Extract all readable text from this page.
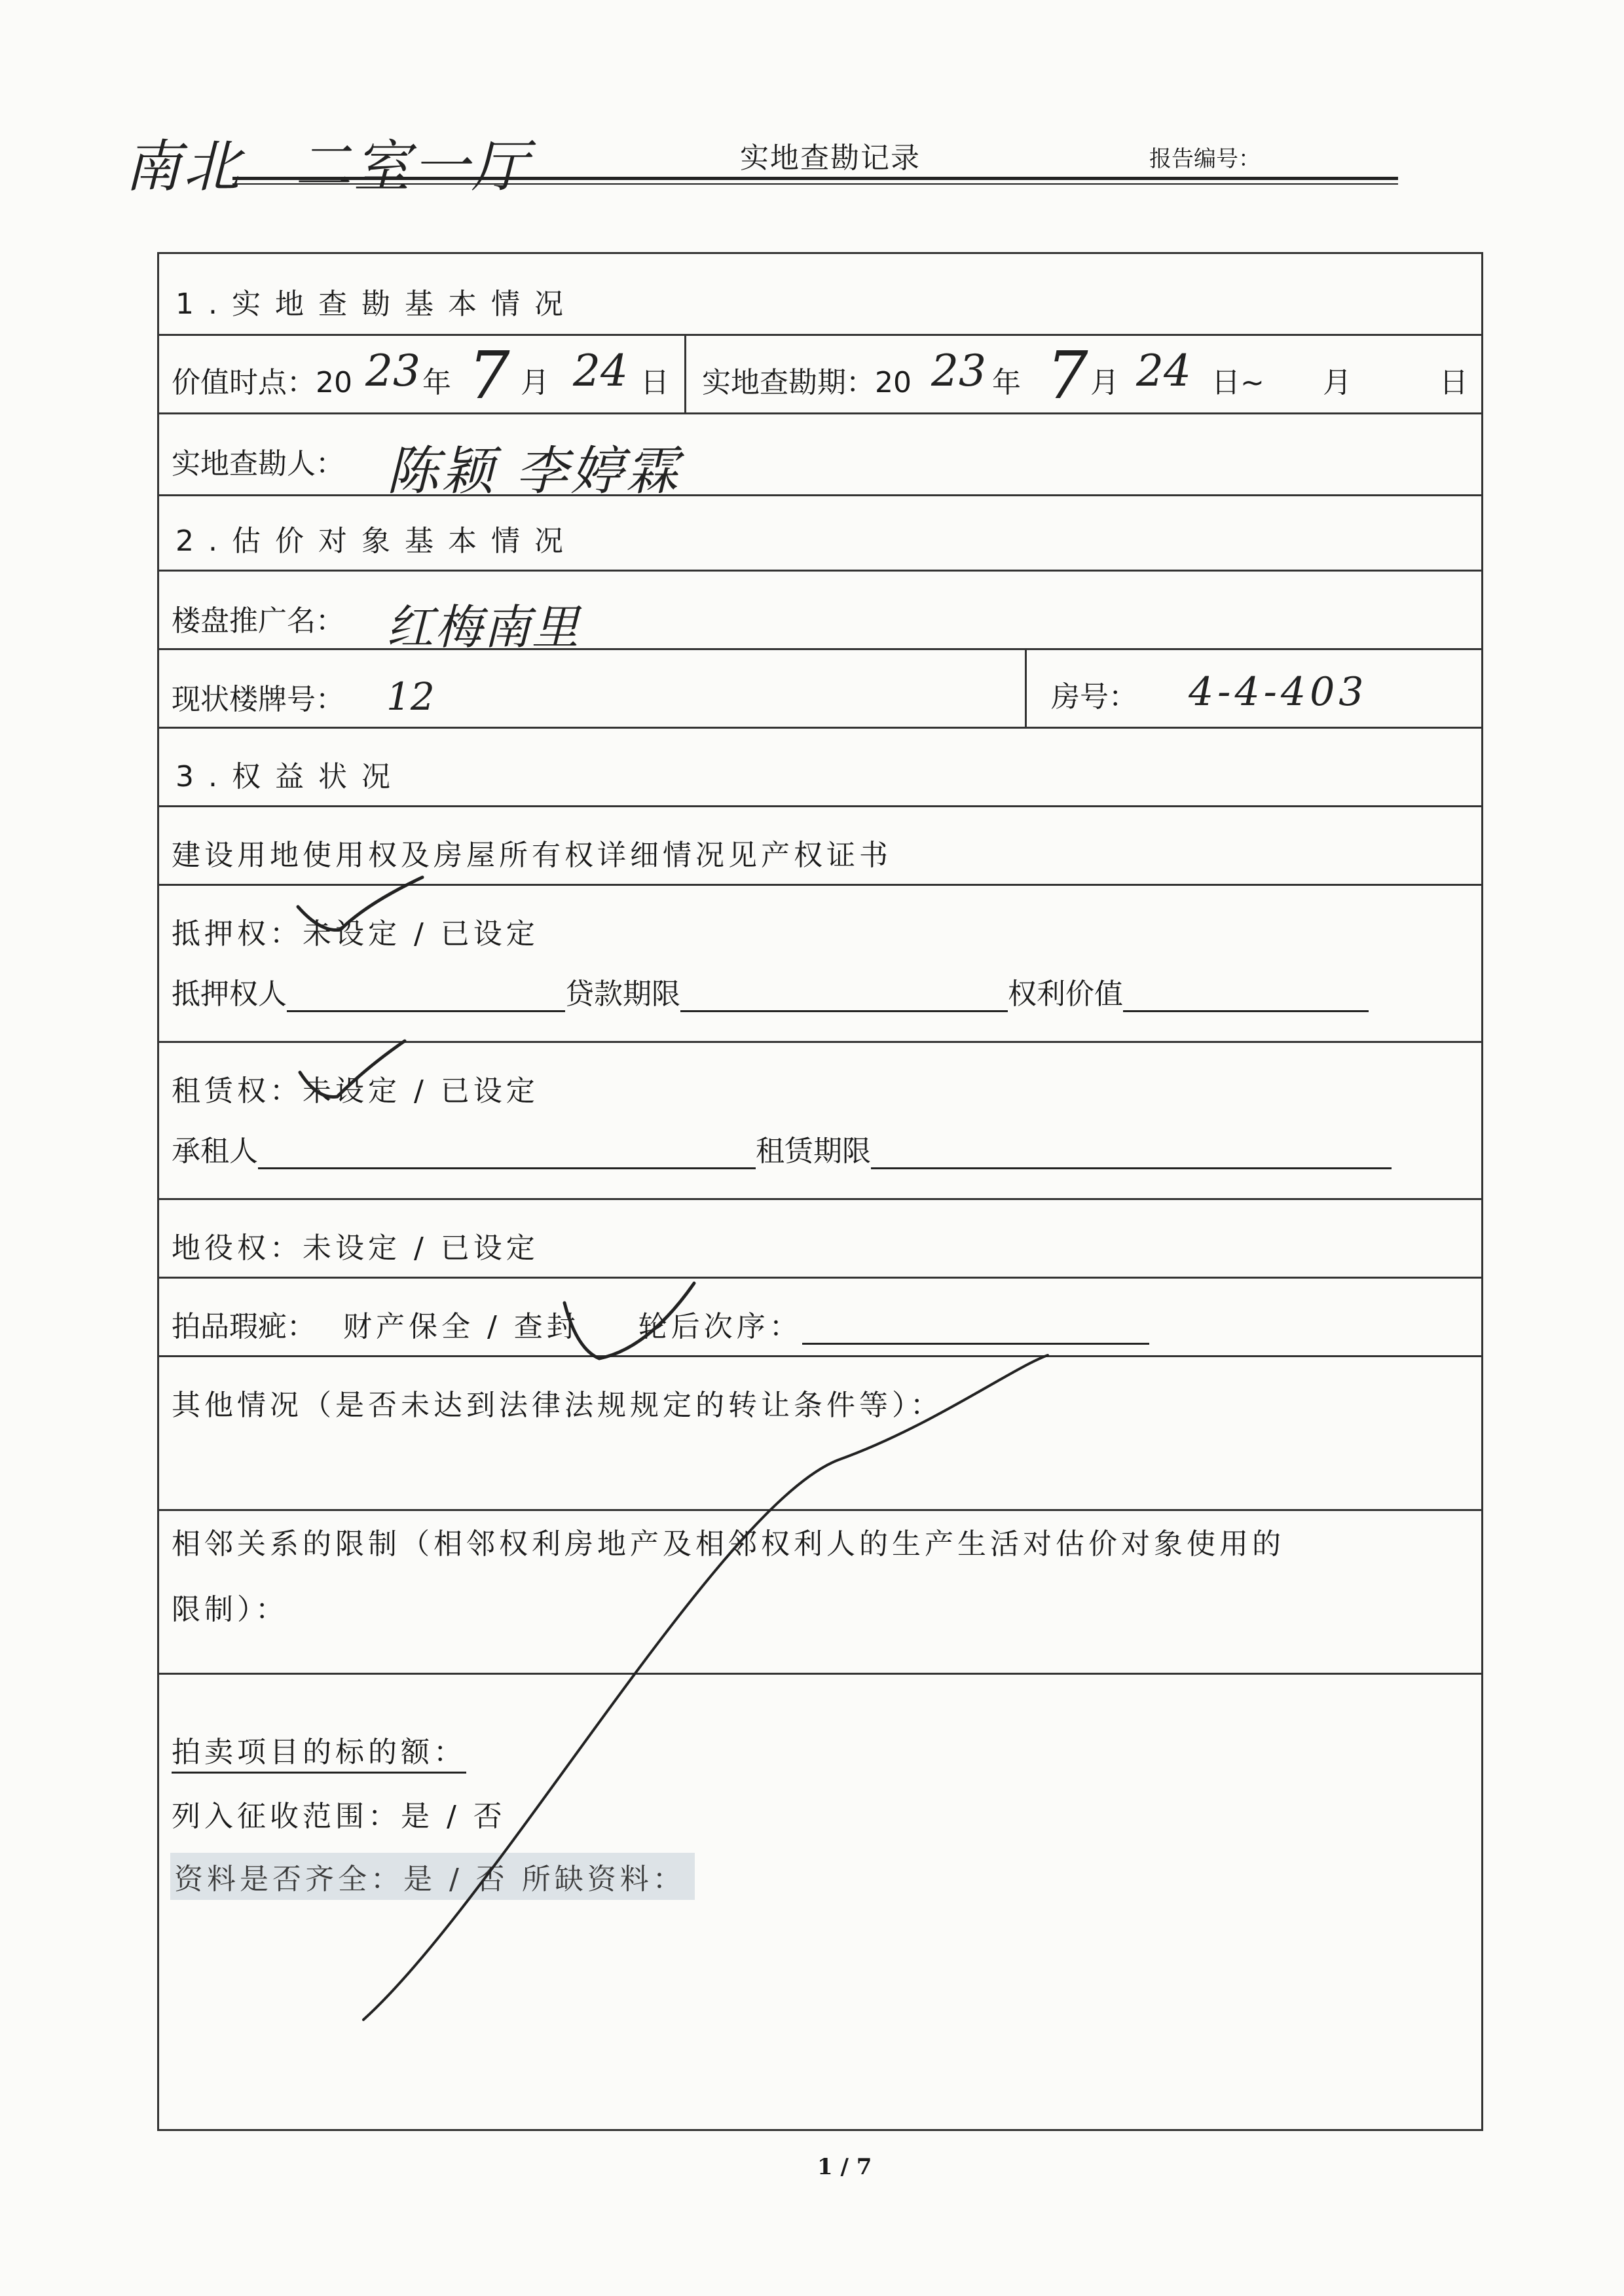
南北 二室一厅	实地查勘记录	报告编号：
1.实地查勘基本情况
价值时点：20 23 年 7 月 24 日 实地查勘期：20 23 年 7 月 24 日~ 月	日
实地查勘人： 陈颖 李婷霖
2.估价对象基本情况
楼盘推广名： 红梅南里
现状楼牌号： 12	房号： 4-4-403
3.权益状况
建设用地使用权及房屋所有权详细情况见产权证书
抵押权：未设定 / 已设定
抵押权人	贷款期限	权利价值
租赁权：未设定 / 已设定
承租人	租赁期限
地役权：未设定 / 已设定
拍品瑕疵： 财产保全 / 查封 轮后次序：
其他情况（是否未达到法律法规规定的转让条件等）：
相邻关系的限制（相邻权利房地产及相邻权利人的生产生活对估价对象使用的
限制）：
拍卖项目的标的额：
列入征收范围：是 / 否
资料是否齐全：是 / 否 所缺资料：
1 / 7
